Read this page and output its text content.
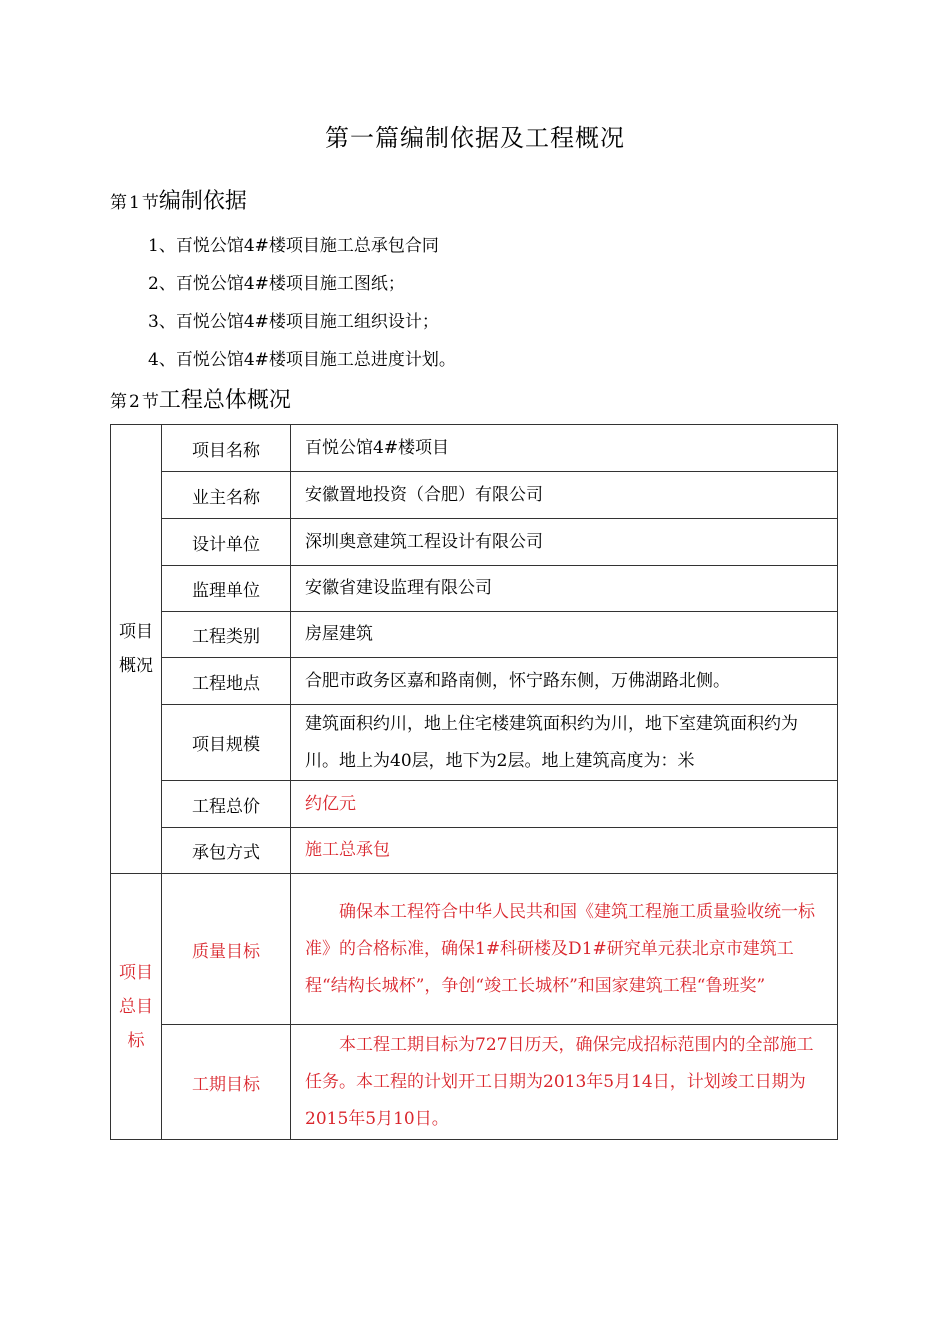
第一篇编制依据及工程概况
第 1 节编制依据
1、百悦公馆4#楼项目施工总承包合同
2、百悦公馆4#楼项目施工图纸；
3、百悦公馆4#楼项目施工组织设计；
4、百悦公馆4#楼项目施工总进度计划。
第 2 节工程总体概况
项目
概况	项目名称	百悦公馆4#楼项目
	业主名称	安徽置地投资（合肥）有限公司
	设计单位	深圳奥意建筑工程设计有限公司
	监理单位	安徽省建设监理有限公司
	工程类别	房屋建筑
	工程地点	合肥市政务区嘉和路南侧，怀宁路东侧，万佛湖路北侧。
	项目规模	建筑面积约川，地上住宅楼建筑面积约为川，地下室建筑面积约为川。地上为40层，地下为2层。地上建筑高度为：米
	工程总价	约亿元
	承包方式	施工总承包

项目
总目
标	质量目标	确保本工程符合中华人民共和国《建筑工程施工质量验收统一标准》的合格标准，确保1#科研楼及D1#研究单元获北京市建筑工程“结构长城杯”，争创“竣工长城杯”和国家建筑工程“鲁班奖”
	工期目标	本工程工期目标为727日历天，确保完成招标范围内的全部施工任务。本工程的计划开工日期为2013年5月14日，计划竣工日期为2015年5月10日。
